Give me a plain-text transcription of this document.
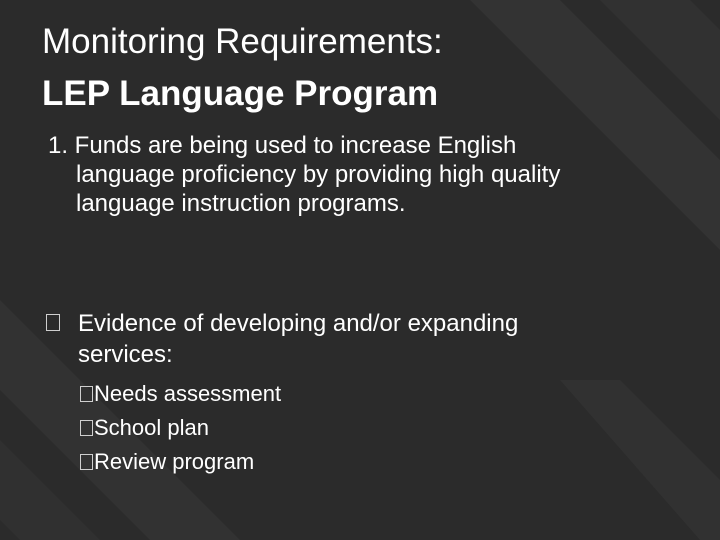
Monitoring Requirements:
LEP Language Program
1. Funds are being used to increase English language proficiency by providing high quality language instruction programs.
Evidence of developing and/or expanding services:
Needs assessment
School plan
Review program
